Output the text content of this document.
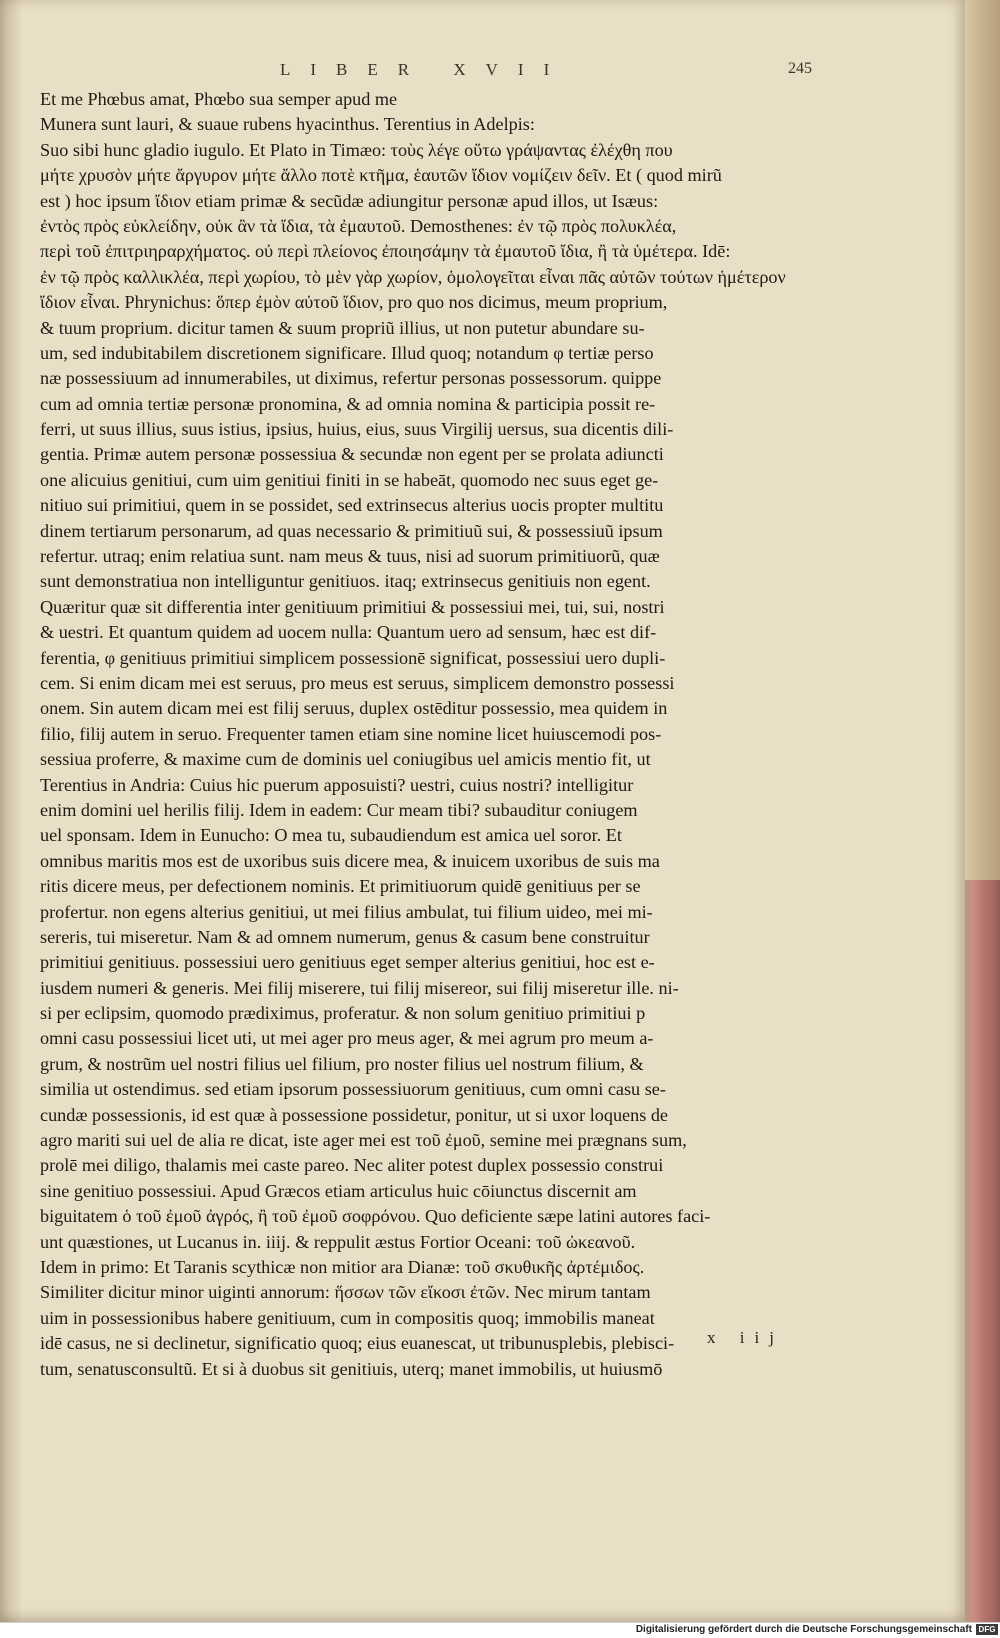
LIBER XVII	245
Et me Phœbus amat, Phœbo sua semper apud me
Munera sunt lauri, & suaue rubens hyacinthus. Terentius in Adelpis:
Suo sibi hunc gladio iugulo. Et Plato in Timæo: τοὺς λέγε οὕτω γράψαντας ἐλέχθη που
μήτε χρυσὸν μήτε ἄργυρον μήτε ἄλλο ποτὲ κτῆμα, ἑαυτῶν ἴδιον νομίζειν δεῖν. Et ( quod mirũ
est ) hoc ipsum ἴδιον etiam primæ & secũdæ adiungitur personæ apud illos, ut Isæus:
ἐντὸς πρὸς εὐκλείδην, οὐκ ἂν τὰ ἴδια, τὰ ἐμαυτοῦ. Demosthenes: ἐν τῷ πρὸς πολυκλέα,
περὶ τοῦ ἐπιτριηραρχήματος. οὐ περὶ πλείονος ἐποιησάμην τὰ ἐμαυτοῦ ἴδια, ἢ τὰ ὑμέτερα. Idē:
ἐν τῷ πρὸς καλλικλέα, περὶ χωρίου, τὸ μὲν γὰρ χωρίον, ὁμολογεῖται εἶναι πᾶς αὐτῶν τούτων ἡμέτερον
ἴδιον εἶναι. Phrynichus: ὅπερ ἐμὸν αὐτοῦ ἴδιον, pro quo nos dicimus, meum proprium,
& tuum proprium. dicitur tamen & suum propriũ illius, ut non putetur abundare su-
um, sed indubitabilem discretionem significare. Illud quoq; notandum φ tertiæ perso
næ possessiuum ad innumerabiles, ut diximus, refertur personas possessorum. quippe
cum ad omnia tertiæ personæ pronomina, & ad omnia nomina & participia possit re-
ferri, ut suus illius, suus istius, ipsius, huius, eius, suus Virgilij uersus, sua dicentis dili-
gentia. Primæ autem personæ possessiua & secundæ non egent per se prolata adiuncti
one alicuius genitiui, cum uim genitiui finiti in se habeāt, quomodo nec suus eget ge-
nitiuo sui primitiui, quem in se possidet, sed extrinsecus alterius uocis propter multitu
dinem tertiarum personarum, ad quas necessario & primitiuũ sui, & possessiuũ ipsum
refertur. utraq; enim relatiua sunt. nam meus & tuus, nisi ad suorum primitiuorũ, quæ
sunt demonstratiua non intelliguntur genitiuos. itaq; extrinsecus genitiuis non egent.
Quæritur quæ sit differentia inter genitiuum primitiui & possessiui mei, tui, sui, nostri
& uestri. Et quantum quidem ad uocem nulla: Quantum uero ad sensum, hæc est dif-
ferentia, φ genitiuus primitiui simplicem possessionē significat, possessiui uero dupli-
cem. Si enim dicam mei est seruus, pro meus est seruus, simplicem demonstro possessi
onem. Sin autem dicam mei est filij seruus, duplex ostēditur possessio, mea quidem in
filio, filij autem in seruo. Frequenter tamen etiam sine nomine licet huiuscemodi pos-
sessiua proferre, & maxime cum de dominis uel coniugibus uel amicis mentio fit, ut
Terentius in Andria: Cuius hic puerum apposuisti? uestri, cuius nostri? intelligitur
enim domini uel herilis filij. Idem in eadem: Cur meam tibi? subauditur coniugem
uel sponsam. Idem in Eunucho: O mea tu, subaudiendum est amica uel soror. Et
omnibus maritis mos est de uxoribus suis dicere mea, & inuicem uxoribus de suis ma
ritis dicere meus, per defectionem nominis. Et primitiuorum quidē genitiuus per se
profertur. non egens alterius genitiui, ut mei filius ambulat, tui filium uideo, mei mi-
sereris, tui miseretur. Nam & ad omnem numerum, genus & casum bene construitur
primitiui genitiuus. possessiui uero genitiuus eget semper alterius genitiui, hoc est e-
iusdem numeri & generis. Mei filij miserere, tui filij misereor, sui filij miseretur ille. ni-
si per eclipsim, quomodo prædiximus, proferatur. & non solum genitiuo primitiui p
omni casu possessiui licet uti, ut mei ager pro meus ager, & mei agrum pro meum a-
grum, & nostrũm uel nostri filius uel filium, pro noster filius uel nostrum filium, &
similia ut ostendimus. sed etiam ipsorum possessiuorum genitiuus, cum omni casu se-
cundæ possessionis, id est quæ à possessione possidetur, ponitur, ut si uxor loquens de
agro mariti sui uel de alia re dicat, iste ager mei est τοῦ ἐμοῦ, semine mei prægnans sum,
prolē mei diligo, thalamis mei caste pareo. Nec aliter potest duplex possessio construi
sine genitiuo possessiui. Apud Græcos etiam articulus huic cōiunctus discernit am
biguitatem ὁ τοῦ ἐμοῦ ἀγρός, ἢ τοῦ ἐμοῦ σοφρόνου. Quo deficiente sæpe latini autores faci-
unt quæstiones, ut Lucanus in. iiij. & reppulit æstus Fortior Oceani: τοῦ ὠκεανοῦ.
Idem in primo: Et Taranis scythicæ non mitior ara Dianæ: τοῦ σκυθικῆς ἀρτέμιδος.
Similiter dicitur minor uiginti annorum: ἥσσων τῶν εἴκοσι ἐτῶν. Nec mirum tantam
uim in possessionibus habere genitiuum, cum in compositis quoq; immobilis maneat
idē casus, ne si declinetur, significatio quoq; eius euanescat, ut tribunusplebis, plebisci-
tum, senatusconsultũ. Et si à duobus sit genitiuis, uterq; manet immobilis, ut huiusmō
x iij
Digitalisierung gefördert durch die Deutsche Forschungsgemeinschaft DFG
